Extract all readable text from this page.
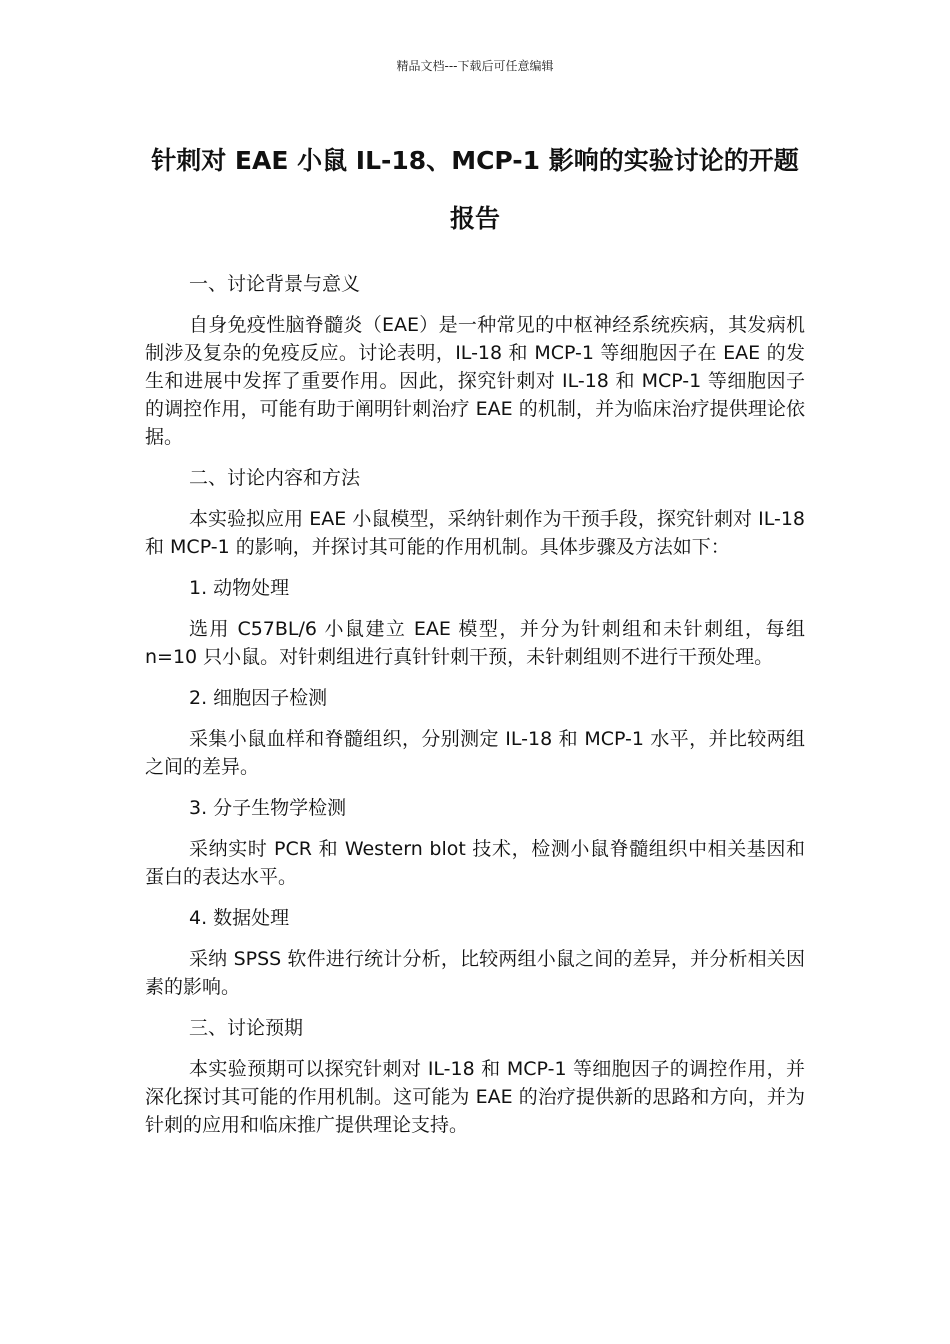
精品文档---下载后可任意编辑
针刺对 EAE 小鼠 IL-18、MCP-1 影响的实验讨论的开题报告

一、讨论背景与意义

自身免疫性脑脊髓炎（EAE）是一种常见的中枢神经系统疾病，其发病机制涉及复杂的免疫反应。讨论表明，IL-18 和 MCP-1 等细胞因子在 EAE 的发生和进展中发挥了重要作用。因此，探究针刺对 IL-18 和 MCP-1 等细胞因子的调控作用，可能有助于阐明针刺治疗 EAE 的机制，并为临床治疗提供理论依据。

二、讨论内容和方法

本实验拟应用 EAE 小鼠模型，采纳针刺作为干预手段，探究针刺对 IL-18 和 MCP-1 的影响，并探讨其可能的作用机制。具体步骤及方法如下：

1. 动物处理

选用 C57BL/6 小鼠建立 EAE 模型，并分为针刺组和未针刺组，每组 n=10 只小鼠。对针刺组进行真针针刺干预，未针刺组则不进行干预处理。

2. 细胞因子检测

采集小鼠血样和脊髓组织，分别测定 IL-18 和 MCP-1 水平，并比较两组之间的差异。

3. 分子生物学检测

采纳实时 PCR 和 Western blot 技术，检测小鼠脊髓组织中相关基因和蛋白的表达水平。

4. 数据处理

采纳 SPSS 软件进行统计分析，比较两组小鼠之间的差异，并分析相关因素的影响。

三、讨论预期

本实验预期可以探究针刺对 IL-18 和 MCP-1 等细胞因子的调控作用，并深化探讨其可能的作用机制。这可能为 EAE 的治疗提供新的思路和方向，并为针刺的应用和临床推广提供理论支持。
